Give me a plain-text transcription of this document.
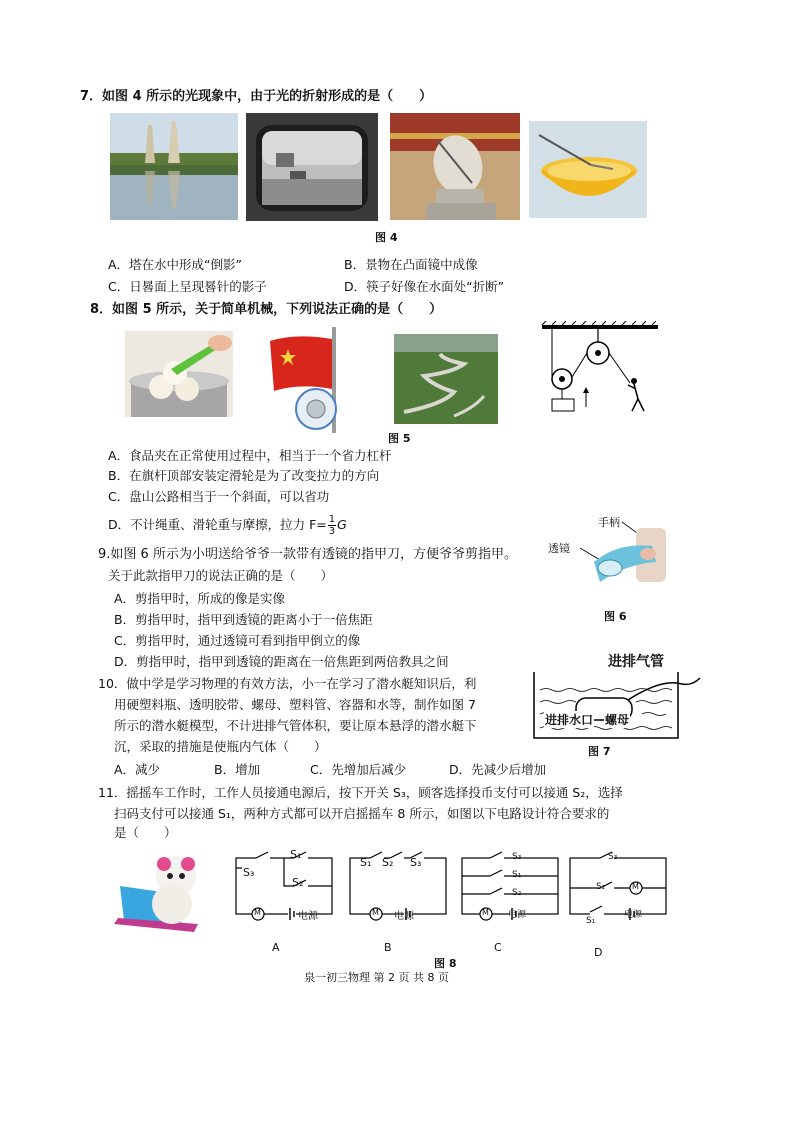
7．如图 4 所示的光现象中，由于光的折射形成的是（　　）
图 4
A．塔在水中形成“倒影”	B．景物在凸面镜中成像
C．日晷面上呈现晷针的影子	D．筷子好像在水面处“折断”
8．如图 5 所示，关于简单机械，下列说法正确的是（　　）
图 5
A．食品夹在正常使用过程中，相当于一个省力杠杆
B．在旗杆顶部安装定滑轮是为了改变拉力的方向
C．盘山公路相当于一个斜面，可以省功
D．不计绳重、滑轮重与摩擦，拉力 $F= \frac{1}{3}$ G
9.如图 6 所示为小明送给爷爷一款带有透镜的指甲刀，方便爷爷剪指甲。
关于此款指甲刀的说法正确的是（　　）
手柄
透镜
图 6
A．剪指甲时，所成的像是实像
B．剪指甲时，指甲到透镜的距离小于一倍焦距
C．剪指甲时，通过透镜可看到指甲倒立的像
D．剪指甲时，指甲到透镜的距离在一倍焦距到两倍教具之间
10．做中学是学习物理的有效方法，小一在学习了潜水艇知识后，利
用硬塑料瓶、透明胶带、螺母、塑料管、容器和水等，制作如图 7
所示的潜水艇模型，不计进排气管体积，要让原本悬浮的潜水艇下
沉，采取的措施是使瓶内气体（　　）
进排气管
进排水口 螺母
图 7
A．减少	B．增加	C．先增加后减少	D．先减少后增加
11．摇摇车工作时，工作人员接通电源后，按下开关 S₃，顾客选择投币支付可以接通 S₂，选择
扫码支付可以接通 S₁，两种方式都可以开启摇摇车 8 所示，如图以下电路设计符合要求的
是（　　）
S₁
S₃
S₂
M	电源
S₁ S₂ S₃
M 电源
S₃
S₁
S₂
M 电源
S₃
S₂	M
电源
S₁
A	B	C	D
图 8
泉一初三物理 第 2 页 共 8 页
